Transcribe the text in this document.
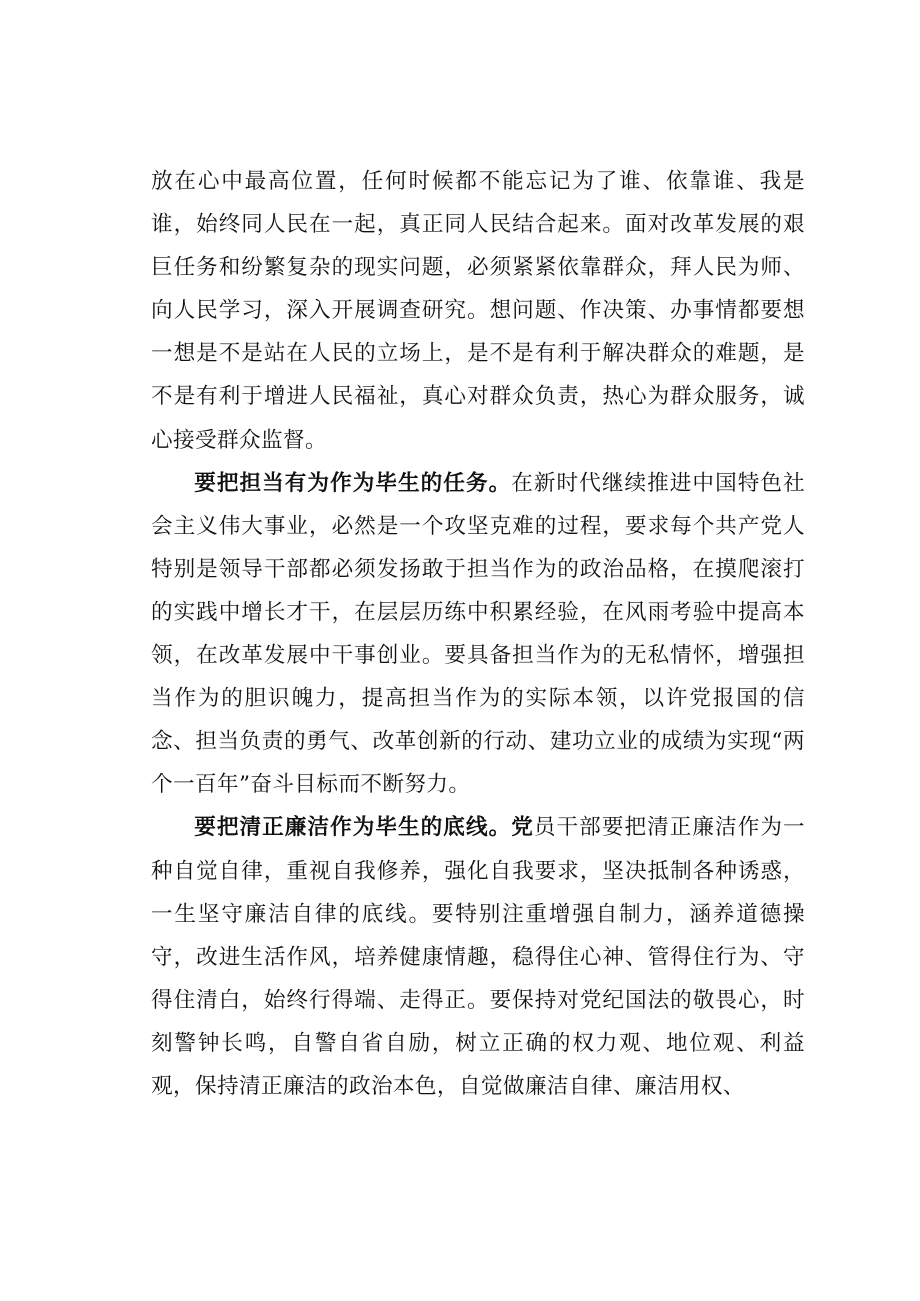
放在心中最高位置，任何时候都不能忘记为了谁、依靠谁、我是谁，始终同人民在一起，真正同人民结合起来。面对改革发展的艰巨任务和纷繁复杂的现实问题，必须紧紧依靠群众，拜人民为师、向人民学习，深入开展调查研究。想问题、作决策、办事情都要想一想是不是站在人民的立场上，是不是有利于解决群众的难题，是不是有利于增进人民福祉，真心对群众负责，热心为群众服务，诚心接受群众监督。

要把担当有为作为毕生的任务。在新时代继续推进中国特色社会主义伟大事业，必然是一个攻坚克难的过程，要求每个共产党人特别是领导干部都必须发扬敢于担当作为的政治品格，在摸爬滚打的实践中增长才干，在层层历练中积累经验，在风雨考验中提高本领，在改革发展中干事创业。要具备担当作为的无私情怀，增强担当作为的胆识魄力，提高担当作为的实际本领，以许党报国的信念、担当负责的勇气、改革创新的行动、建功立业的成绩为实现“两个一百年”奋斗目标而不断努力。

要把清正廉洁作为毕生的底线。党员干部要把清正廉洁作为一种自觉自律，重视自我修养，强化自我要求，坚决抵制各种诱惑，一生坚守廉洁自律的底线。要特别注重增强自制力，涵养道德操守，改进生活作风，培养健康情趣，稳得住心神、管得住行为、守得住清白，始终行得端、走得正。要保持对党纪国法的敬畏心，时刻警钟长鸣，自警自省自励，树立正确的权力观、地位观、利益观，保持清正廉洁的政治本色，自觉做廉洁自律、廉洁用权、
